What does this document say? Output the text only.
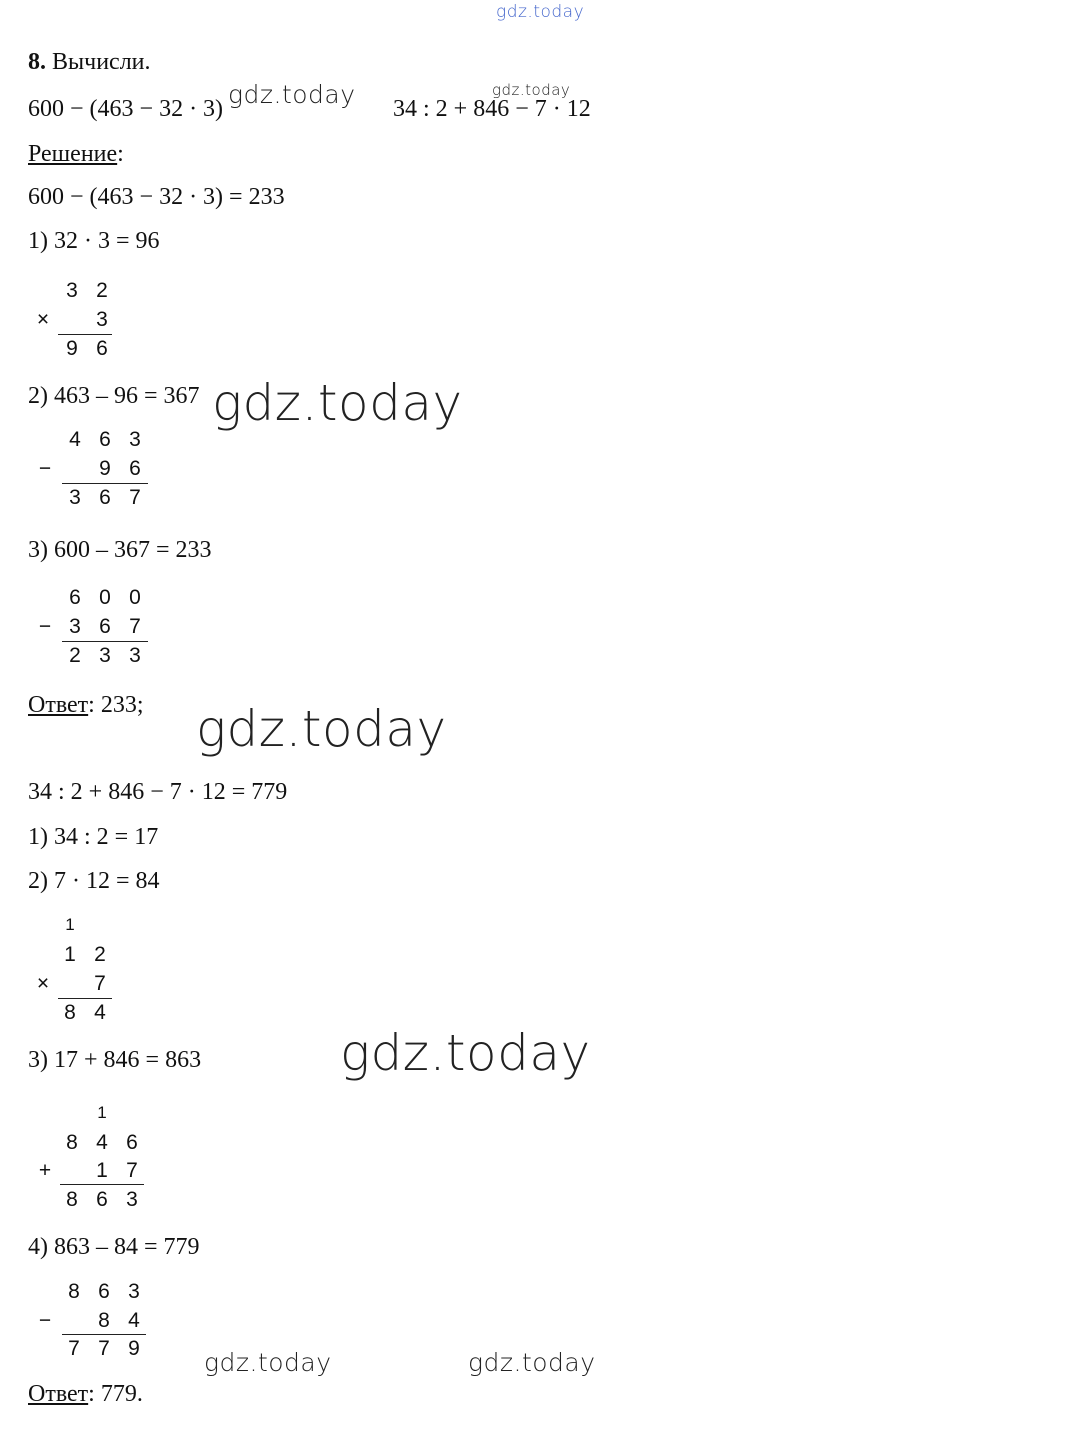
gdz.today
gdz.today	gdz.today
gdz.today
gdz.today
gdz.today
gdz.today	gdz.today
8. Вычисли.
600 − (463 − 32 · 3)	34 : 2 + 846 − 7 · 12
Решение:
600 − (463 − 32 · 3) = 233
1) 32 · 3 = 96
3 2
× 3
9 6
2) 463 – 96 = 367
4 6 3
− 9 6
3 6 7
3) 600 – 367 = 233
6 0 0
− 3 6 7
2 3 3
Ответ: 233;
34 : 2 + 846 − 7 · 12 = 779
1) 34 : 2 = 17
2) 7 · 12 = 84
1
1 2
× 7
8 4
3) 17 + 846 = 863
1
8 4 6
+ 1 7
8 6 3
4) 863 – 84 = 779
8 6 3
− 8 4
7 7 9
Ответ: 779.
